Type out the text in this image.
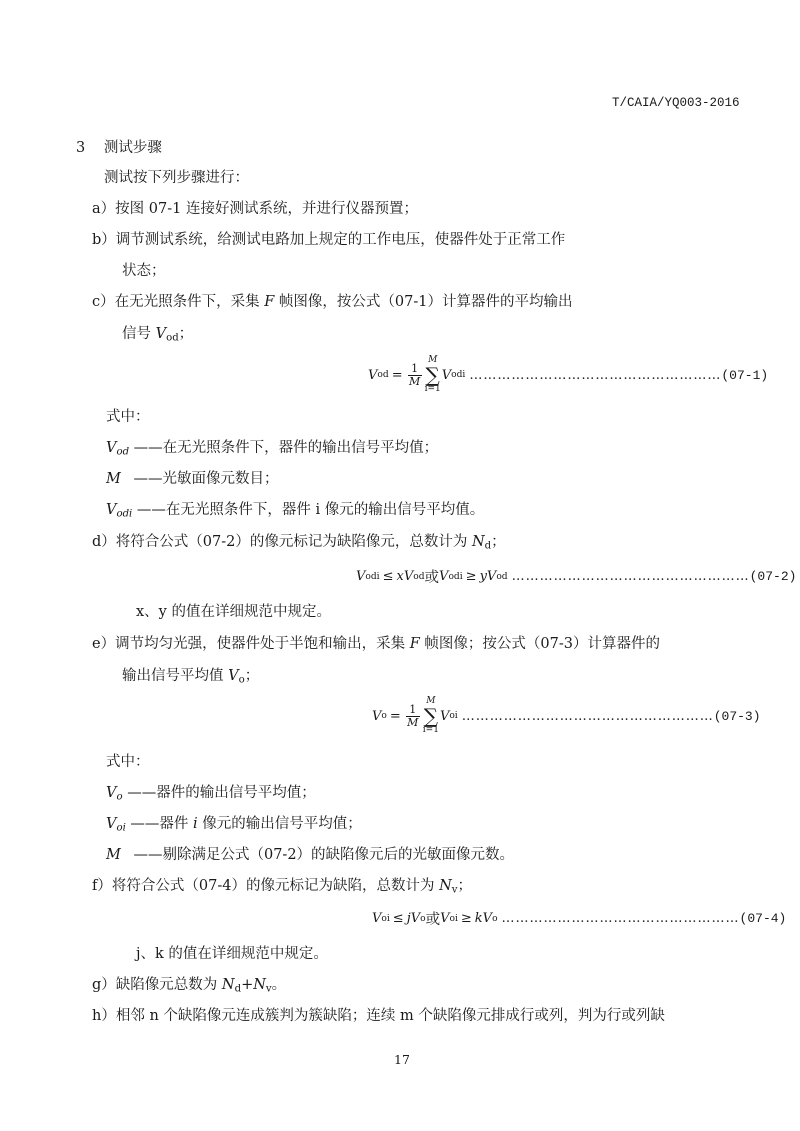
T/CAIA/YQ003-2016
3 测试步骤
测试按下列步骤进行：
a）按图 07-1 连接好测试系统，并进行仪器预置；
b）调节测试系统，给测试电路加上规定的工作电压，使器件处于正常工作
状态；
c）在无光照条件下，采集 F 帧图像，按公式（07-1）计算器件的平均输出
信号 $V_{od}$；
V od = $\frac{1}{M}$
M
∑
i=1
V odi ……………………………………………… (07-1)
式中：
$V_{od}$ ——在无光照条件下，器件的输出信号平均值；
M ——光敏面像元数目；
$V_{odi}$ ——在无光照条件下，器件 i 像元的输出信号平均值。
d）将符合公式（07-2）的像元标记为缺陷像元，总数计为 $N_d$；
V odi ≤ x V od 或 V odi ≥ y V od …………………………………………… (07-2)
x、y 的值在详细规范中规定。
e）调节均匀光强，使器件处于半饱和输出，采集 F 帧图像；按公式（07-3）计算器件的
输出信号平均值 $V_o$；
V $o = \frac{1}{M}$
M
∑
i=1
V oi ……………………………………………… (07-3)
式中：
$V_o$ ——器件的输出信号平均值；
$V_{oi}$ ——器件 i 像元的输出信号平均值；
M ——剔除满足公式（07-2）的缺陷像元后的光敏面像元数。
f）将符合公式（07-4）的像元标记为缺陷，总数计为 $N_v$；
V oi ≤ j V o 或 V oi ≥ k V o …………………………………………… (07-4)
j、k 的值在详细规范中规定。
g）缺陷像元总数为 $N_d+N_v$。
h）相邻 n 个缺陷像元连成簇判为簇缺陷；连续 m 个缺陷像元排成行或列，判为行或列缺
17
